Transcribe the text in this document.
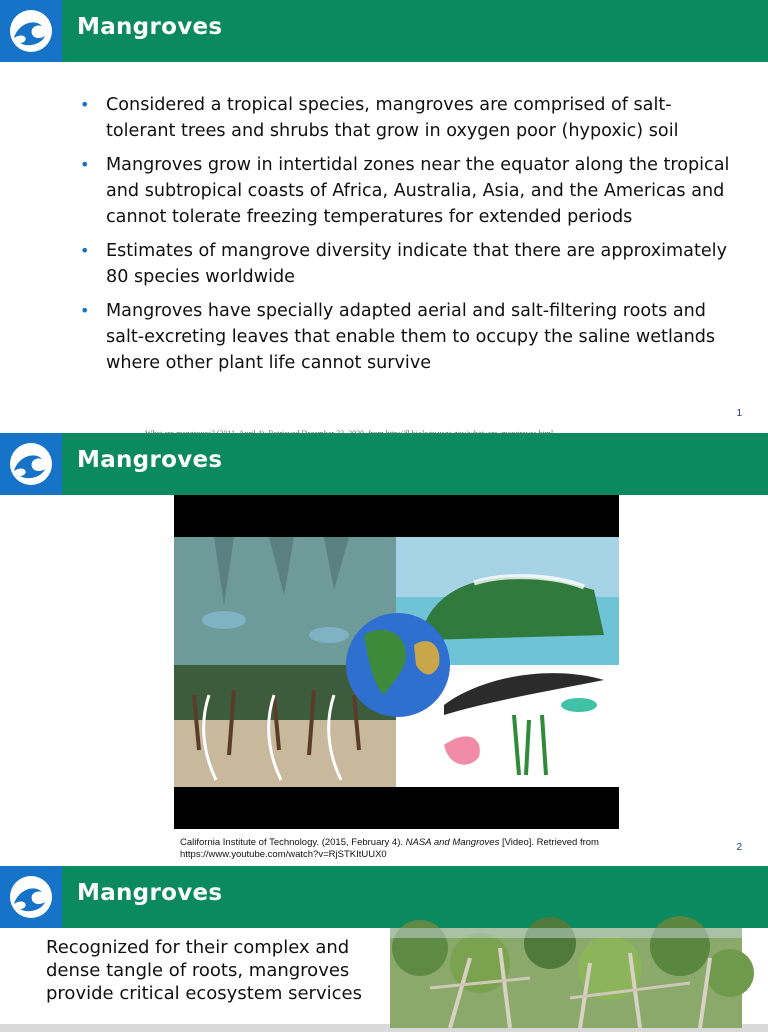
Mangroves
• Considered a tropical species, mangroves are comprised of salt-tolerant trees and shrubs that grow in oxygen poor (hypoxic) soil
• Mangroves grow in intertidal zones near the equator along the tropical and subtropical coasts of Africa, Australia, Asia, and the Americas and cannot tolerate freezing temperatures for extended periods
• Estimates of mangrove diversity indicate that there are approximately 80 species worldwide
• Mangroves have specially adapted aerial and salt-filtering roots and salt-excreting leaves that enable them to occupy the saline wetlands where other plant life cannot survive
1
Mangroves
California Institute of Technology. (2015, February 4). NASA and Mangroves [Video]. Retrieved from https://www.youtube.com/watch?v=RjSTKItUUX0
2
Mangroves
Recognized for their complex and dense tangle of roots, mangroves provide critical ecosystem services
